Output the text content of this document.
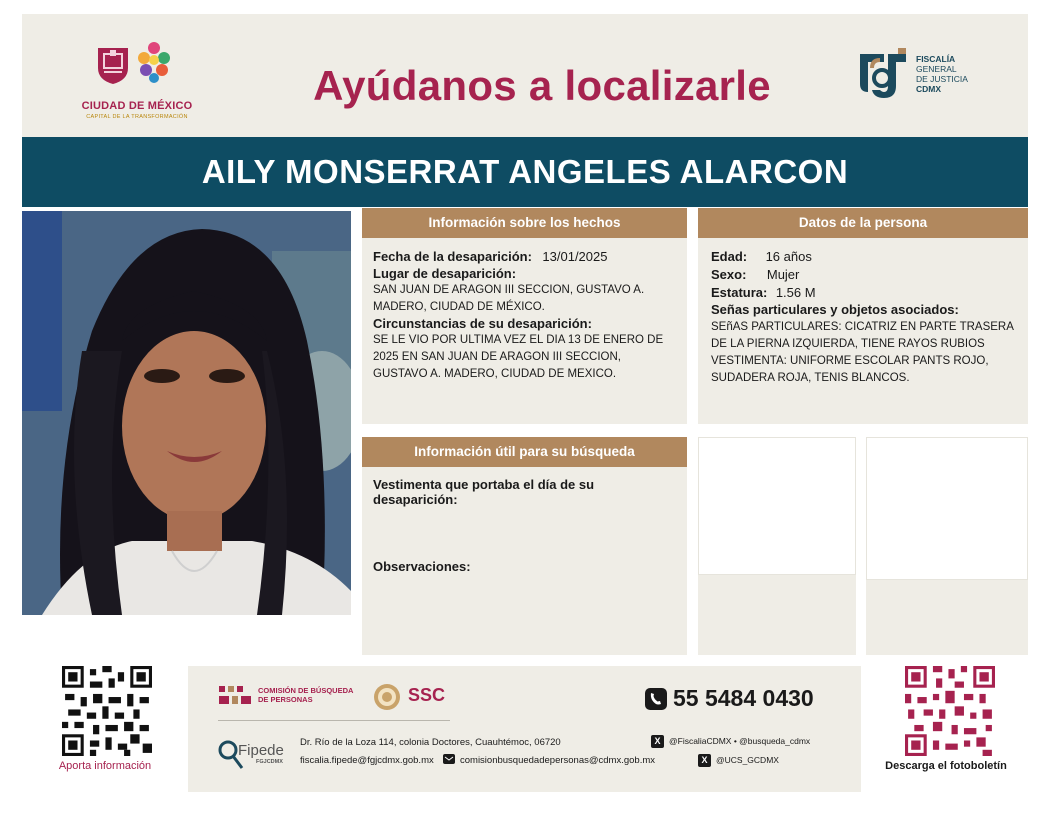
CIUDAD DE MÉXICO
CAPITAL DE LA TRANSFORMACIÓN
Ayúdanos a localizarle
FISCALÍA
GENERAL
DE JUSTICIA
CDMX
AILY MONSERRAT ANGELES ALARCON
Información sobre los hechos
Fecha de la desaparición: 13/01/2025
Lugar de desaparición:
SAN JUAN DE ARAGON III SECCION, GUSTAVO A.
MADERO, CIUDAD DE MÉXICO.
Circunstancias de su desaparición:
SE LE VIO POR ULTIMA VEZ EL DIA 13 DE ENERO DE
2025 EN SAN JUAN DE ARAGON III SECCION,
GUSTAVO A. MADERO, CIUDAD DE MEXICO.
Datos de la persona
Edad: 16 años
Sexo: Mujer
Estatura: 1.56 M
Señas particulares y objetos asociados:
SEñAS PARTICULARES: CICATRIZ EN PARTE TRASERA
DE LA PIERNA IZQUIERDA, TIENE RAYOS RUBIOS
VESTIMENTA: UNIFORME ESCOLAR PANTS ROJO,
SUDADERA ROJA, TENIS BLANCOS.
Información útil para su búsqueda
Vestimenta que portaba el día de su
desaparición:
Observaciones:
Aporta información	Descarga el fotoboletín
COMISIÓN DE BÚSQUEDA
DE PERSONAS	SSC	55 5484 0430
Fipede
FGJCDMX
Dr. Río de la Loza 114, colonia Doctores, Cuauhtémoc, 06720
fiscalia.fipede@fgjcdmx.gob.mx	comisionbusquedadepersonas@cdmx.gob.mx
X	@FiscaliaCDMX • @busqueda_cdmx
X	@UCS_GCDMX
